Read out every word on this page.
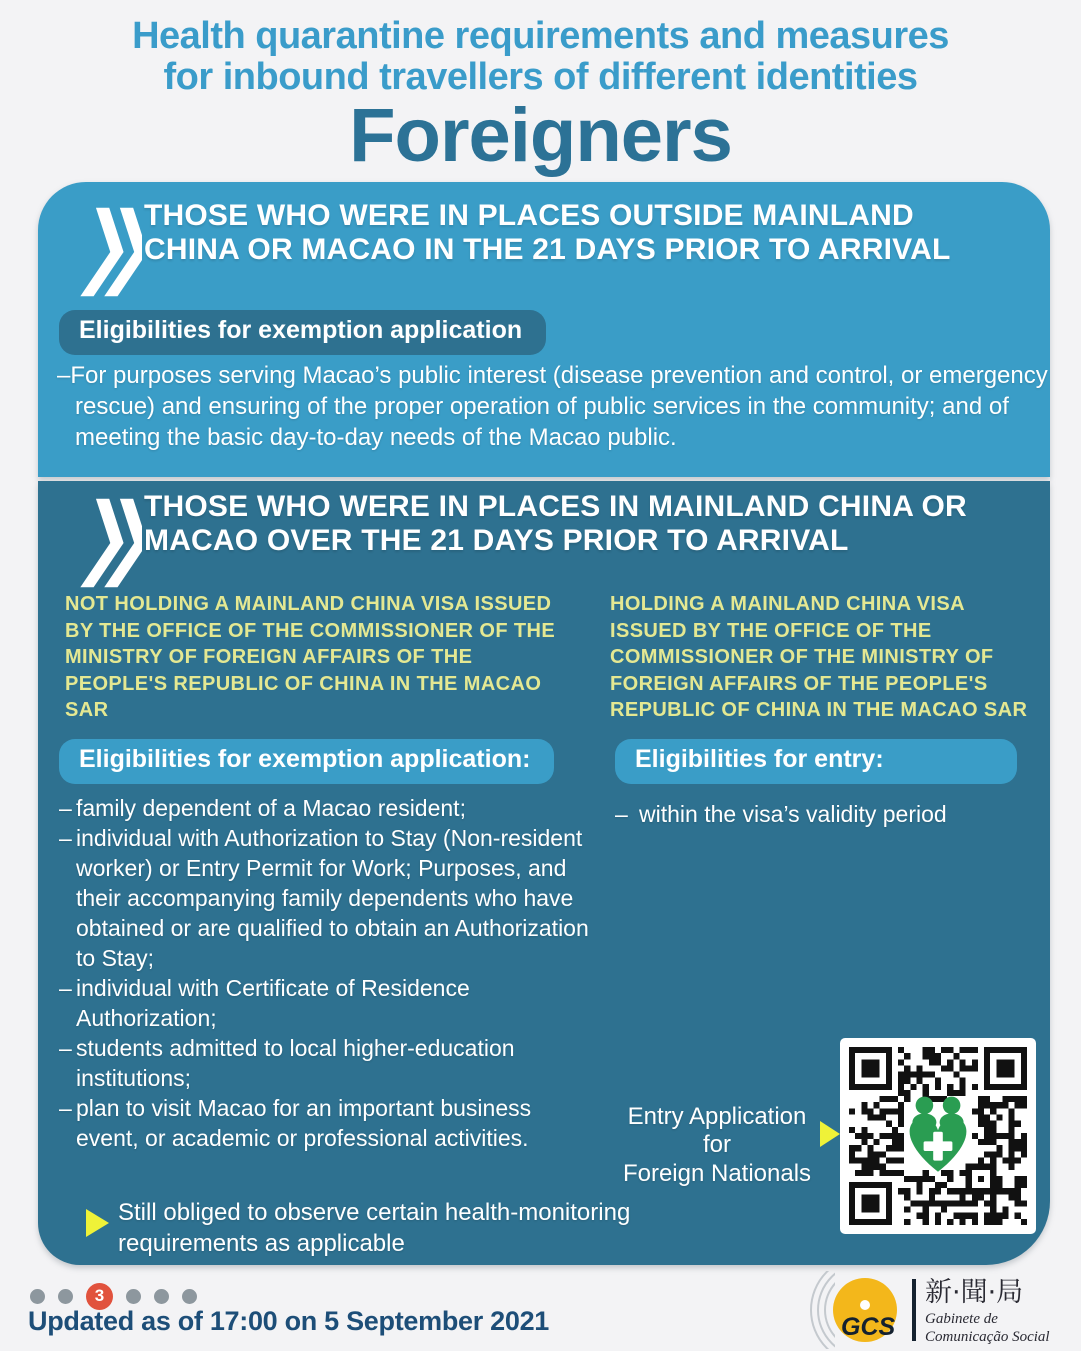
Health quarantine requirements and measures
for inbound travellers of different identities
Foreigners
THOSE WHO WERE IN PLACES OUTSIDE MAINLAND CHINA OR MACAO IN THE 21 DAYS PRIOR TO ARRIVAL
Eligibilities for exemption application
–For purposes serving Macao’s public interest (disease prevention and control, or emergency rescue) and ensuring of the proper operation of public services in the community; and of meeting the basic day-to-day needs of the Macao public.
THOSE WHO WERE IN PLACES IN MAINLAND CHINA OR MACAO OVER THE 21 DAYS PRIOR TO ARRIVAL
NOT HOLDING A MAINLAND CHINA VISA ISSUED BY THE OFFICE OF THE COMMISSIONER OF THE MINISTRY OF FOREIGN AFFAIRS OF THE PEOPLE'S REPUBLIC OF CHINA IN THE MACAO SAR
HOLDING A MAINLAND CHINA VISA ISSUED BY THE OFFICE OF THE COMMISSIONER OF THE MINISTRY OF FOREIGN AFFAIRS OF THE PEOPLE'S REPUBLIC OF CHINA IN THE MACAO SAR
Eligibilities for exemption application:	Eligibilities for entry:
– family dependent of a Macao resident;
– individual with Authorization to Stay (Non-resident worker) or Entry Permit for Work; Purposes, and their accompanying family dependents who have obtained or are qualified to obtain an Authorization to Stay;
– individual with Certificate of Residence Authorization;
– students admitted to local higher-education institutions;
– plan to visit Macao for an important business event, or academic or professional activities.
– within the visa’s validity period
Entry Application for
Foreign Nationals
Still obliged to observe certain health-monitoring
requirements as applicable
3
Updated as of 17:00 on 5 September 2021	GCS
新·聞·局
Gabinete de
Comunicação Social
